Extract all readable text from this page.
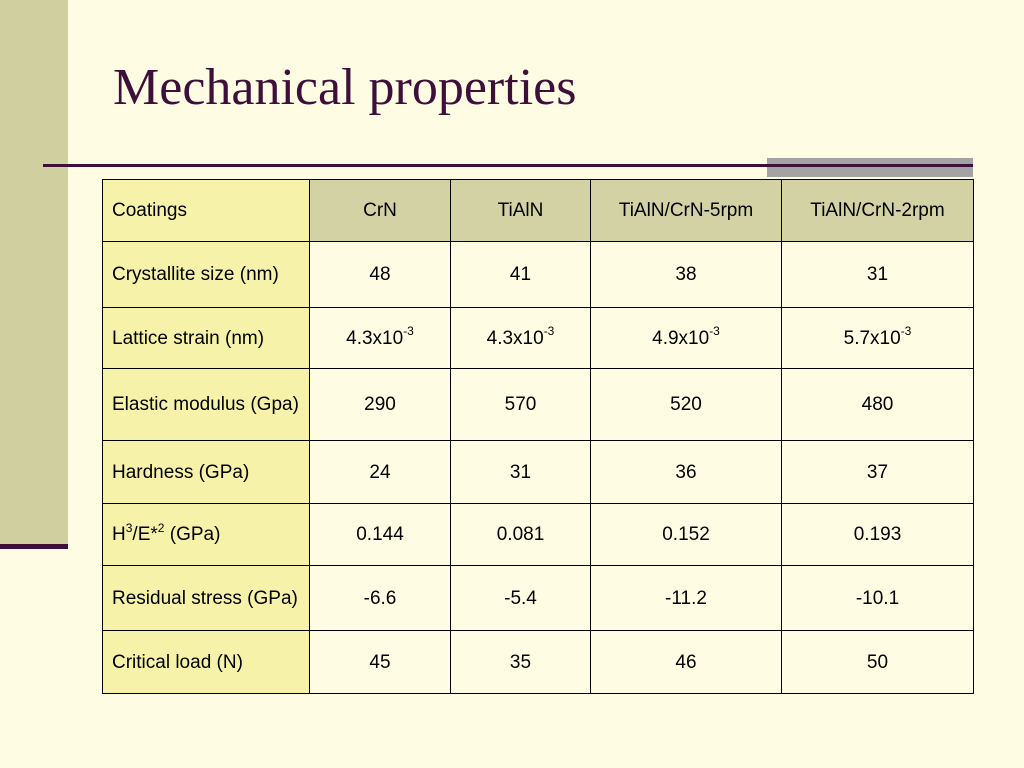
Mechanical properties
Coatings	CrN	TiAlN	TiAlN/CrN-5rpm	TiAlN/CrN-2rpm
Crystallite size (nm)	48	41	38	31
Lattice strain (nm)	$4.3x10^{-3}$	$4.3x10^{-3}$	$4.9x10^{-3}$	$5.7x10^{-3}$
Elastic modulus (Gpa)	290	570	520	480
Hardness (GPa)	24	31	36	37
$H^3/E*^2$ (GPa)	0.144	0.081	0.152	0.193
Residual stress (GPa)	-6.6	-5.4	-11.2	-10.1
Critical load (N)	45	35	46	50
